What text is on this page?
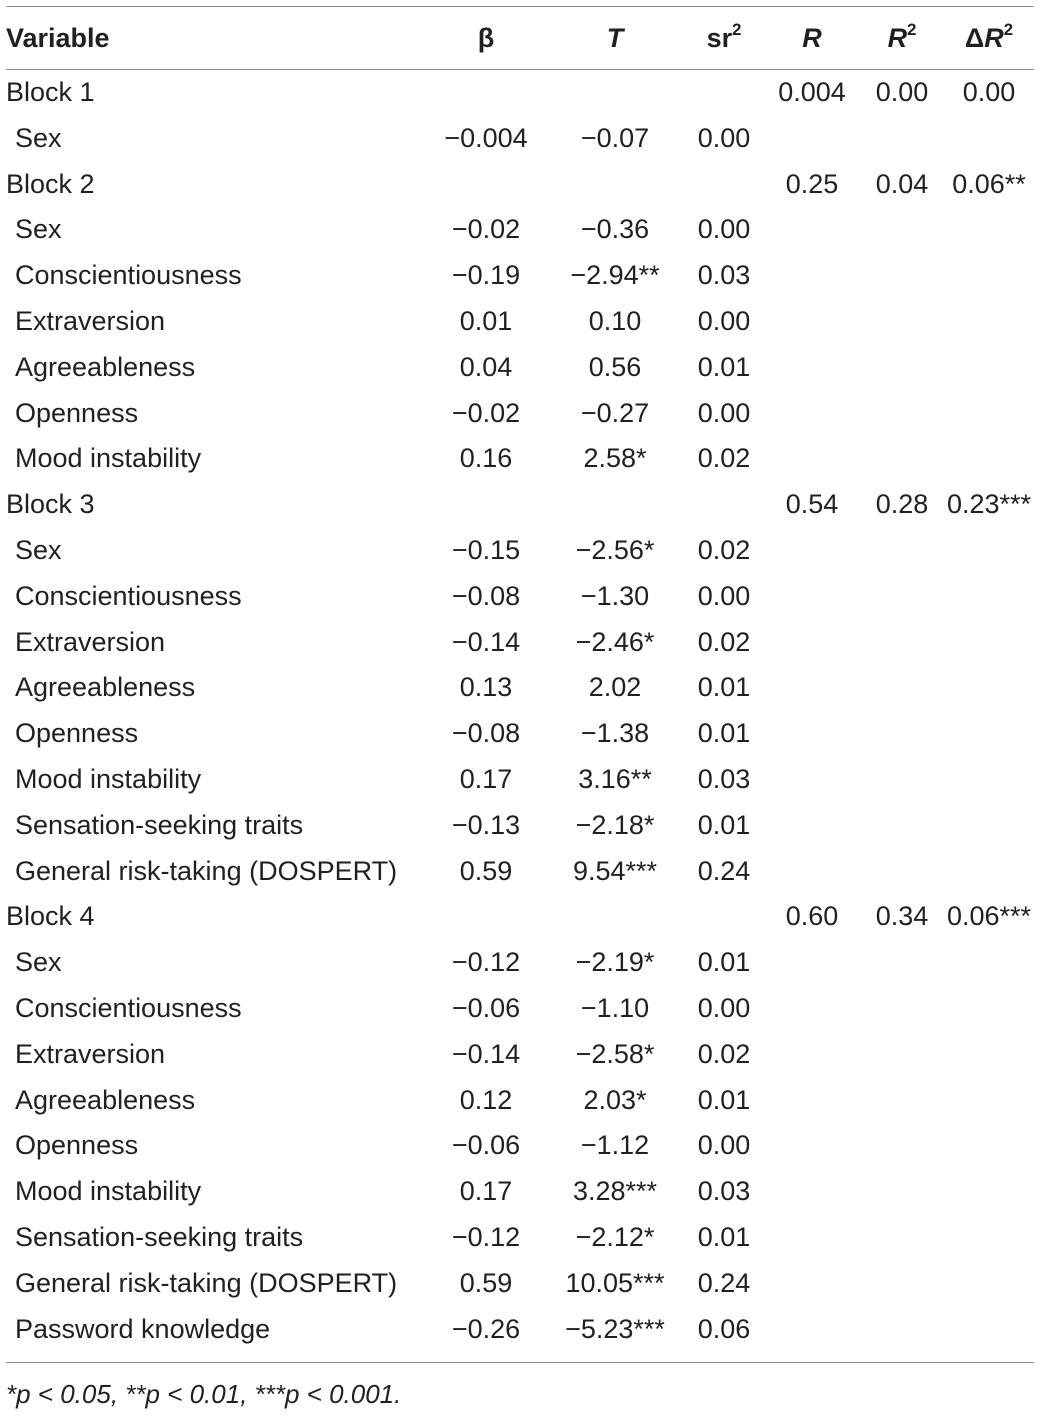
Variable	β	T	$sr^2$	R	$R^2$	$\Delta R^2$
Block 1				0.004	0.00	0.00
Sex	−0.004	−0.07	0.00			
Block 2				0.25	0.04	0.06**
Sex	−0.02	−0.36	0.00			
Conscientiousness	−0.19	−2.94**	0.03			
Extraversion	0.01	0.10	0.00			
Agreeableness	0.04	0.56	0.01			
Openness	−0.02	−0.27	0.00			
Mood instability	0.16	2.58*	0.02			
Block 3				0.54	0.28	0.23***
Sex	−0.15	−2.56*	0.02			
Conscientiousness	−0.08	−1.30	0.00			
Extraversion	−0.14	−2.46*	0.02			
Agreeableness	0.13	2.02	0.01			
Openness	−0.08	−1.38	0.01			
Mood instability	0.17	3.16**	0.03			
Sensation-seeking traits	−0.13	−2.18*	0.01			
General risk-taking (DOSPERT)	0.59	9.54***	0.24			
Block 4				0.60	0.34	0.06***
Sex	−0.12	−2.19*	0.01			
Conscientiousness	−0.06	−1.10	0.00			
Extraversion	−0.14	−2.58*	0.02			
Agreeableness	0.12	2.03*	0.01			
Openness	−0.06	−1.12	0.00			
Mood instability	0.17	3.28***	0.03			
Sensation-seeking traits	−0.12	−2.12*	0.01			
General risk-taking (DOSPERT)	0.59	10.05***	0.24			
Password knowledge	−0.26	−5.23***	0.06			
*p < 0.05, **p < 0.01, ***p < 0.001.
